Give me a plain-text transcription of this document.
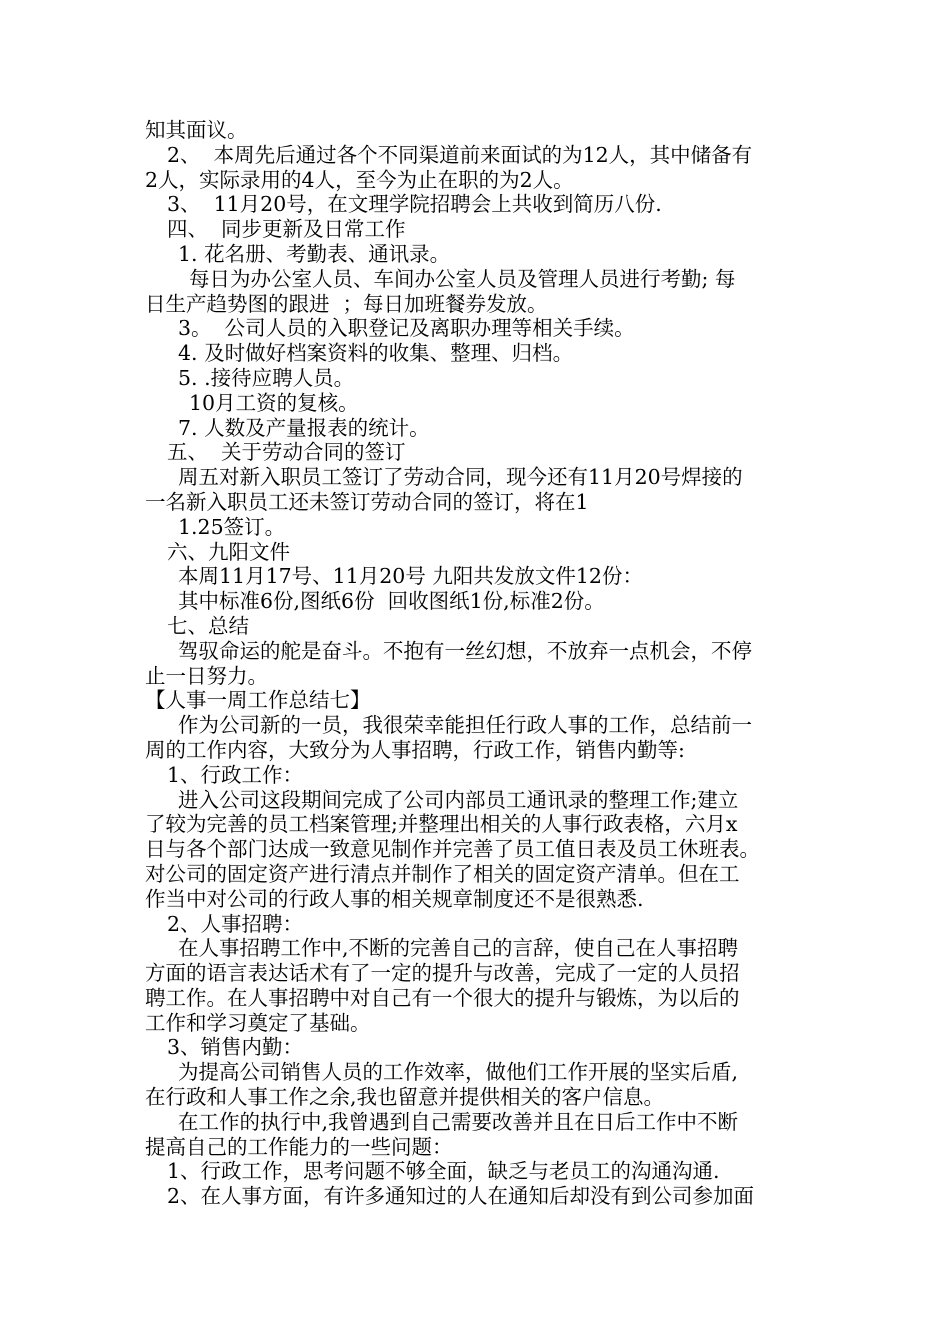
知其面议。
2、  本周先后通过各个不同渠道前来面试的为12人，其中储备有
2人，实际录用的4人，至今为止在职的为2人。
3、  11月20号，在文理学院招聘会上共收到简历八份.
四、  同步更新及日常工作
1. 花名册、考勤表、通讯录。
每日为办公室人员、车间办公室人员及管理人员进行考勤; 每
日生产趋势图的跟进  ；每日加班餐券发放。
3。  公司人员的入职登记及离职办理等相关手续。
4. 及时做好档案资料的收集、整理、归档。
5. .接待应聘人员。
10月工资的复核。
7. 人数及产量报表的统计。
五、  关于劳动合同的签订
周五对新入职员工签订了劳动合同，现今还有11月20号焊接的
一名新入职员工还未签订劳动合同的签订，将在1
1.25签订。
六、九阳文件
本周11月17号、11月20号 九阳共发放文件12份：
其中标准6份,图纸6份  回收图纸1份,标准2份。
七、总结
驾驭命运的舵是奋斗。不抱有一丝幻想，不放弃一点机会，不停
止一日努力。
【人事一周工作总结七】
作为公司新的一员，我很荣幸能担任行政人事的工作，总结前一
周的工作内容，大致分为人事招聘，行政工作，销售内勤等:
1、行政工作：
进入公司这段期间完成了公司内部员工通讯录的整理工作;建立
了较为完善的员工档案管理;并整理出相关的人事行政表格，六月x
日与各个部门达成一致意见制作并完善了员工值日表及员工休班表。
对公司的固定资产进行清点并制作了相关的固定资产清单。但在工
作当中对公司的行政人事的相关规章制度还不是很熟悉.
2、人事招聘：
在人事招聘工作中,不断的完善自己的言辞，使自己在人事招聘
方面的语言表达话术有了一定的提升与改善，完成了一定的人员招
聘工作。在人事招聘中对自己有一个很大的提升与锻炼，为以后的
工作和学习奠定了基础。
3、销售内勤：
为提高公司销售人员的工作效率，做他们工作开展的坚实后盾,
在行政和人事工作之余,我也留意并提供相关的客户信息。
在工作的执行中,我曾遇到自己需要改善并且在日后工作中不断
提高自己的工作能力的一些问题：
1、行政工作，思考问题不够全面，缺乏与老员工的沟通沟通.
2、在人事方面，有许多通知过的人在通知后却没有到公司参加面
